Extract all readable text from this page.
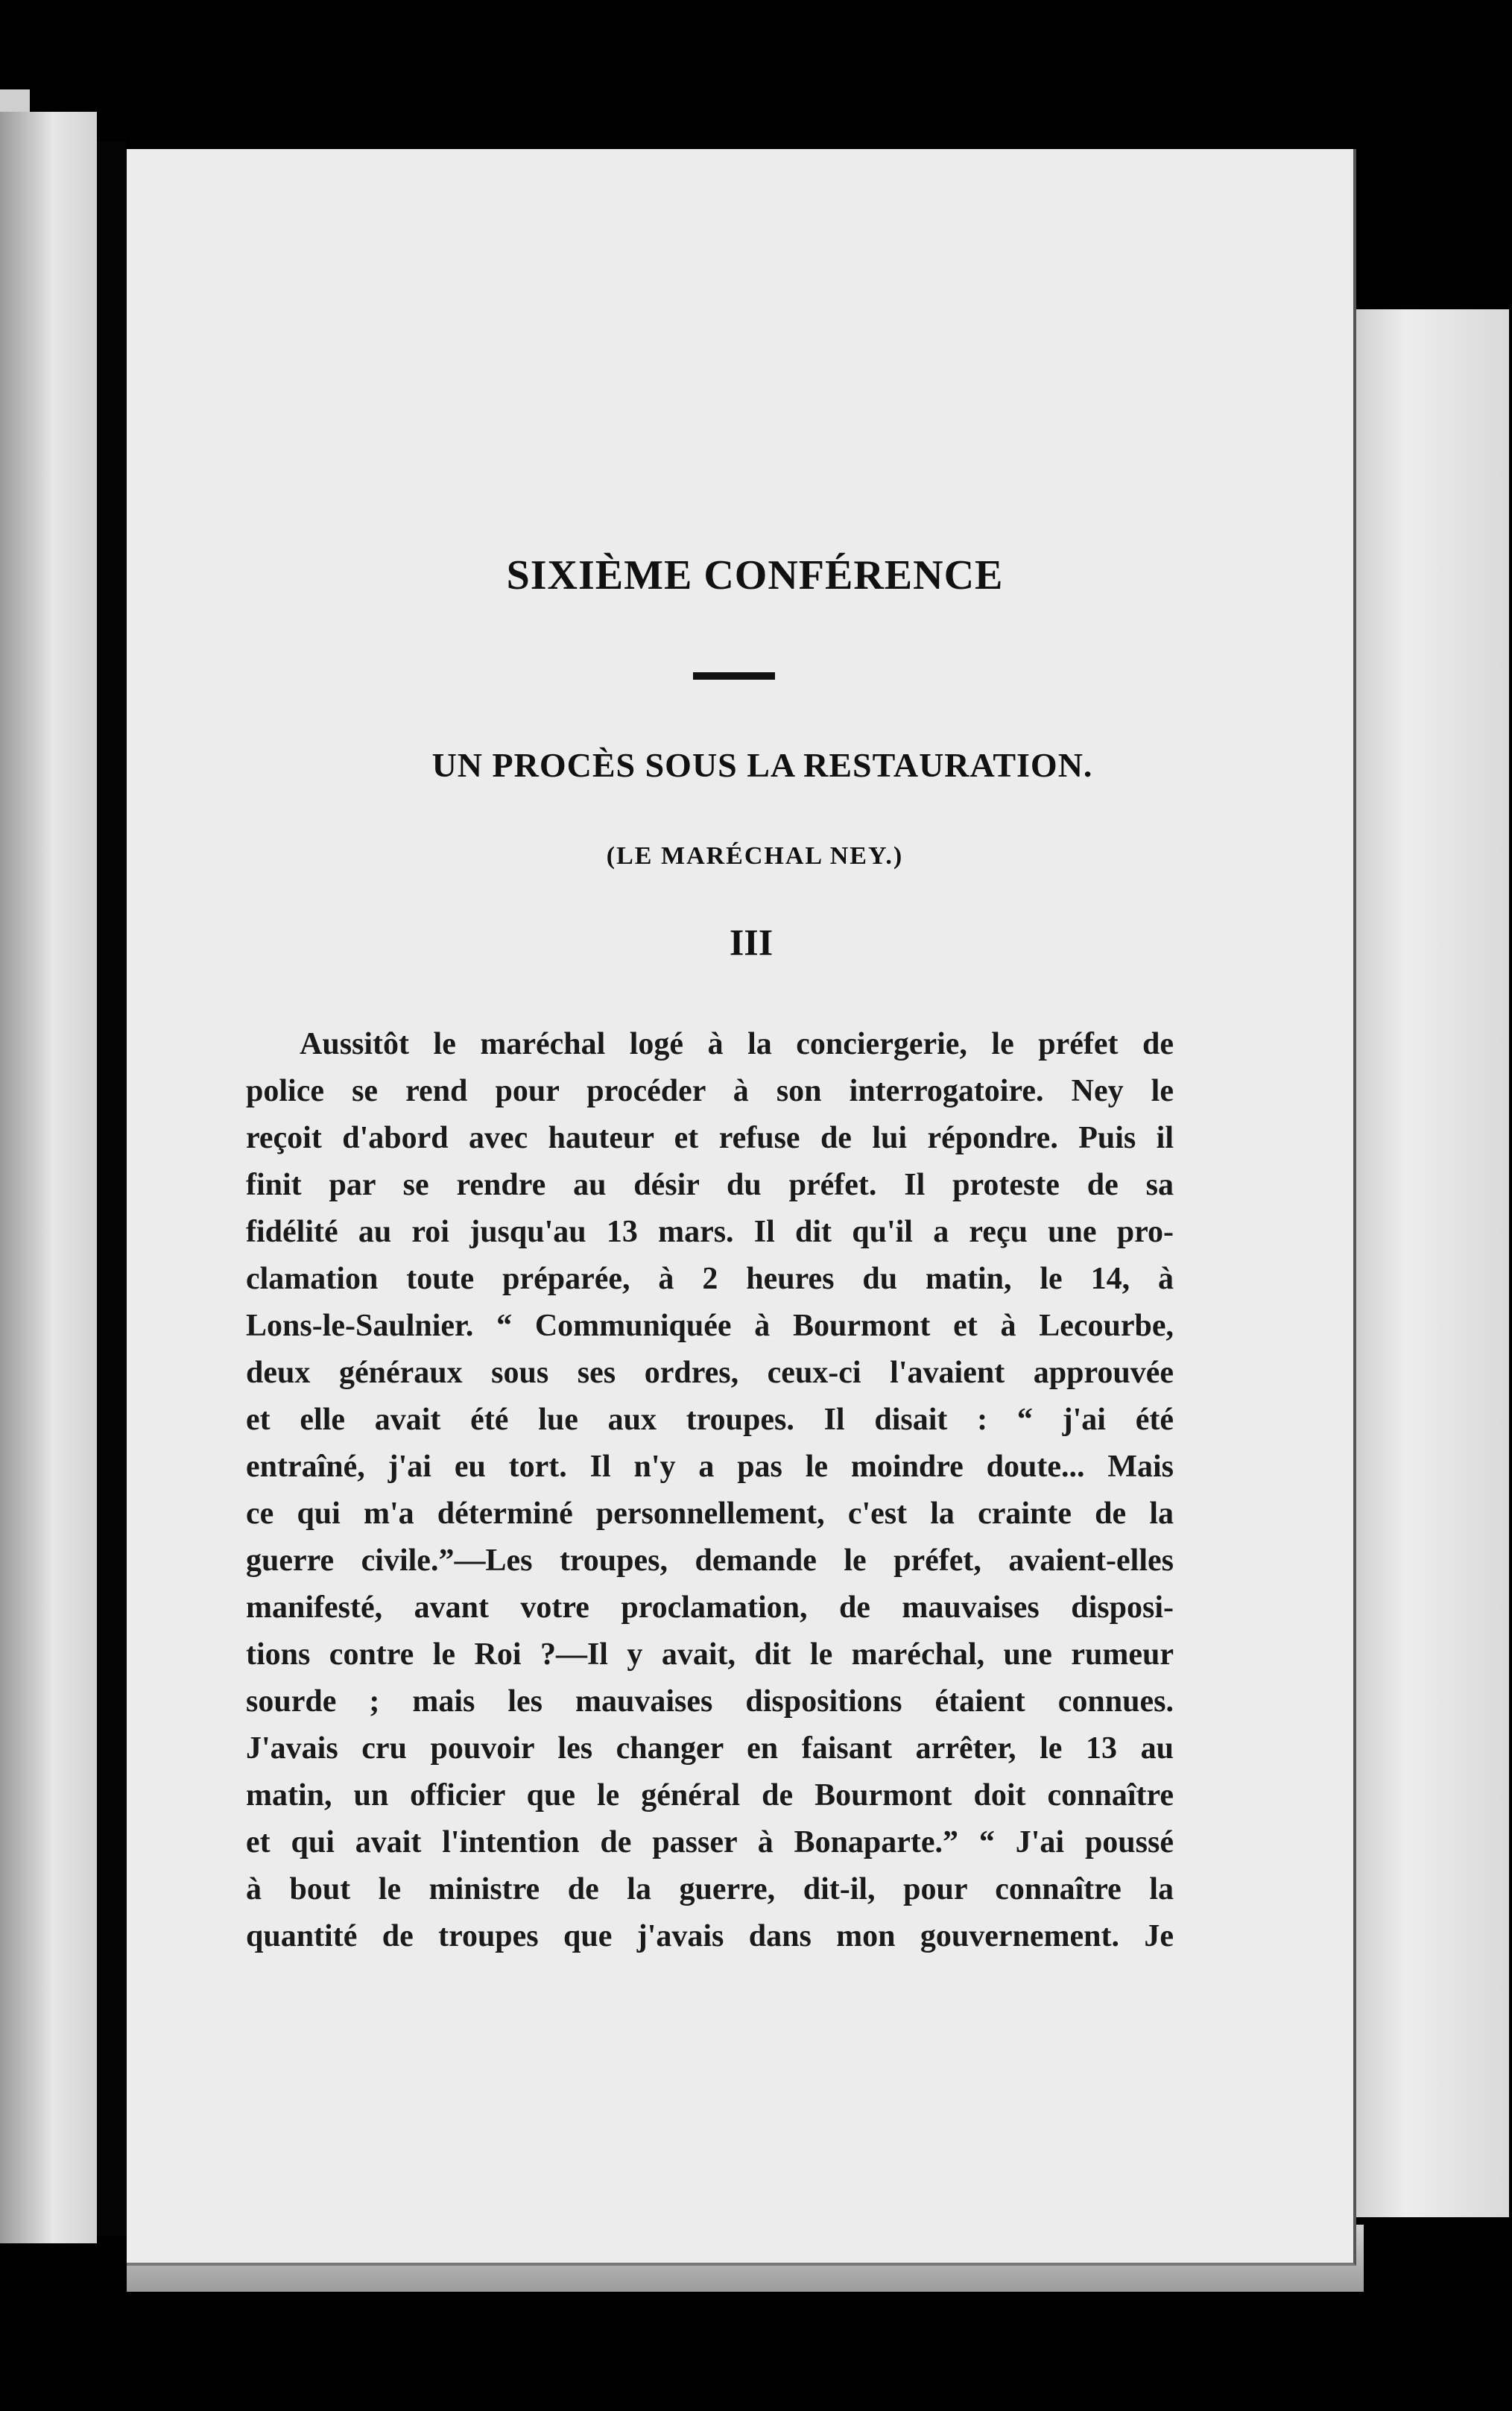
SIXIÈME CONFÉRENCE
UN PROCÈS SOUS LA RESTAURATION.
(LE MARÉCHAL NEY.)
III
Aussitôt le maréchal logé à la conciergerie, le préfet de
police se rend pour procéder à son interrogatoire. Ney le
reçoit d'abord avec hauteur et refuse de lui répondre. Puis il
finit par se rendre au désir du préfet. Il proteste de sa
fidélité au roi jusqu'au 13 mars. Il dit qu'il a reçu une pro-
clamation toute préparée, à 2 heures du matin, le 14, à
Lons-le-Saulnier. “ Communiquée à Bourmont et à Lecourbe,
deux généraux sous ses ordres, ceux-ci l'avaient approuvée
et elle avait été lue aux troupes. Il disait : “ j'ai été
entraîné, j'ai eu tort. Il n'y a pas le moindre doute... Mais
ce qui m'a déterminé personnellement, c'est la crainte de la
guerre civile.”—Les troupes, demande le préfet, avaient-elles
manifesté, avant votre proclamation, de mauvaises disposi-
tions contre le Roi ?—Il y avait, dit le maréchal, une rumeur
sourde ; mais les mauvaises dispositions étaient connues.
J'avais cru pouvoir les changer en faisant arrêter, le 13 au
matin, un officier que le général de Bourmont doit connaître
et qui avait l'intention de passer à Bonaparte.” “ J'ai poussé
à bout le ministre de la guerre, dit-il, pour connaître la
quantité de troupes que j'avais dans mon gouvernement. Je
